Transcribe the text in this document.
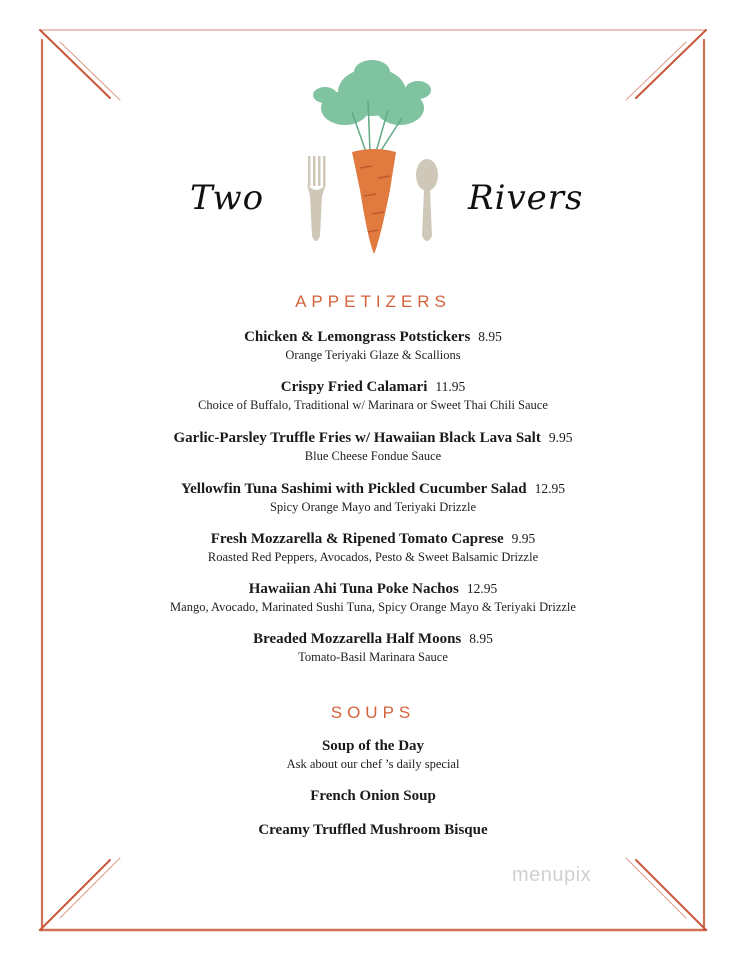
Two	Rivers
APPETIZERS
Chicken & Lemongrass Potstickers 8.95
Orange Teriyaki Glaze & Scallions
Crispy Fried Calamari 11.95
Choice of Buffalo, Traditional w/ Marinara or Sweet Thai Chili Sauce
Garlic-Parsley Truffle Fries w/ Hawaiian Black Lava Salt 9.95
Blue Cheese Fondue Sauce
Yellowfin Tuna Sashimi with Pickled Cucumber Salad 12.95
Spicy Orange Mayo and Teriyaki Drizzle
Fresh Mozzarella & Ripened Tomato Caprese 9.95
Roasted Red Peppers, Avocados, Pesto & Sweet Balsamic Drizzle
Hawaiian Ahi Tuna Poke Nachos 12.95
Mango, Avocado, Marinated Sushi Tuna, Spicy Orange Mayo & Teriyaki Drizzle
Breaded Mozzarella Half Moons 8.95
Tomato-Basil Marinara Sauce
SOUPS
Soup of the Day
Ask about our chef ’s daily special
French Onion Soup
Creamy Truffled Mushroom Bisque
menupix
